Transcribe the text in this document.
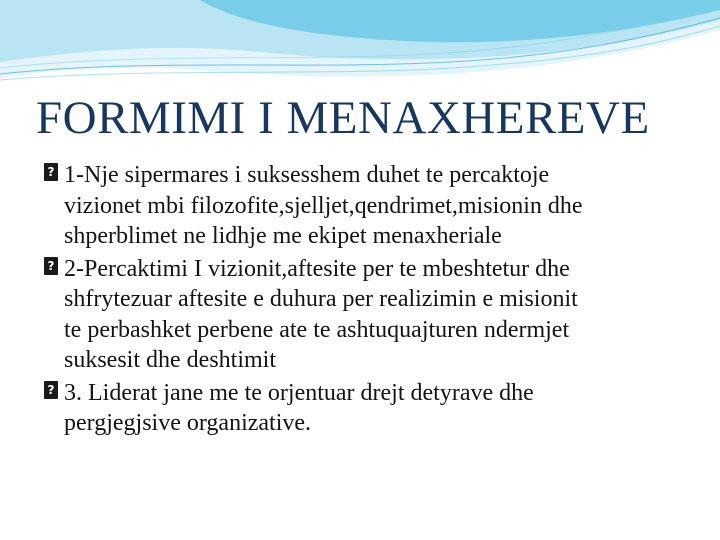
FORMIMI I MENAXHEREVE

? 1-Nje sipermares i suksesshem duhet te percaktoje
vizionet mbi filozofite,sjelljet,qendrimet,misionin dhe
shperblimet ne lidhje me ekipet menaxheriale

? 2-Percaktimi I vizionit,aftesite per te mbeshtetur dhe
shfrytezuar aftesite e duhura per realizimin e misionit
te perbashket perbene ate te ashtuquajturen ndermjet
suksesit dhe deshtimit

? 3. Liderat jane me te orjentuar drejt detyrave dhe
pergjegjsive organizative.
